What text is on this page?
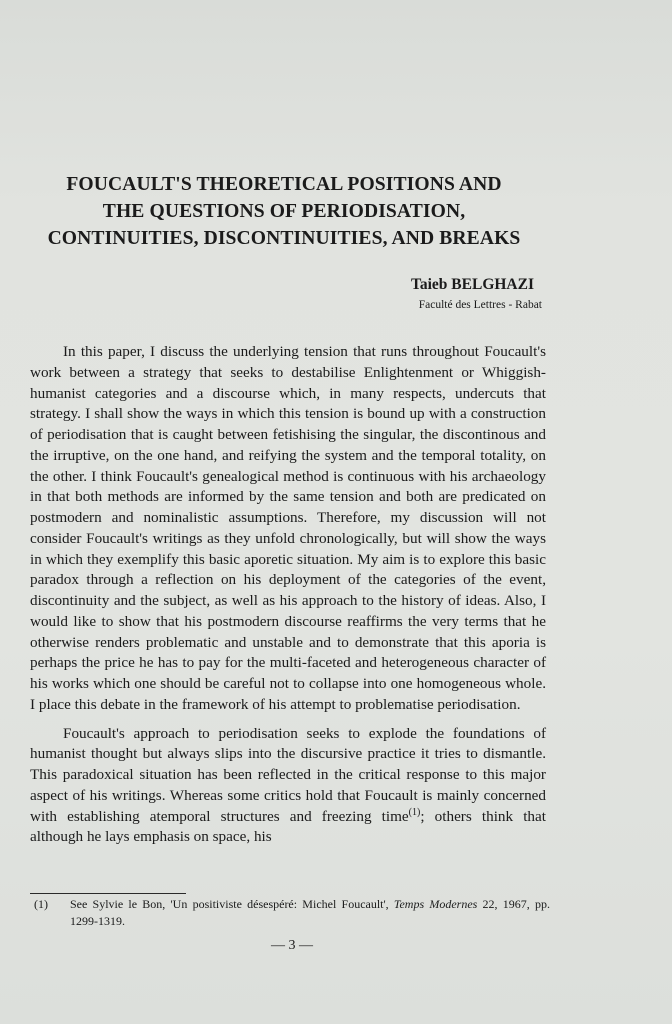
FOUCAULT'S THEORETICAL POSITIONS AND
THE QUESTIONS OF PERIODISATION,
CONTINUITIES, DISCONTINUITIES, AND BREAKS
Taieb BELGHAZI
Faculté des Lettres - Rabat

In this paper, I discuss the underlying tension that runs throughout Foucault's work between a strategy that seeks to destabilise Enlightenment or Whiggish-humanist categories and a discourse which, in many respects, undercuts that strategy. I shall show the ways in which this tension is bound up with a construction of periodisation that is caught between fetishising the singular, the discontinous and the irruptive, on the one hand, and reifying the system and the temporal totality, on the other. I think Foucault's genealogical method is continuous with his archaeology in that both methods are informed by the same tension and both are predicated on postmodern and nominalistic assumptions. Therefore, my discussion will not consider Foucault's writings as they unfold chronologically, but will show the ways in which they exemplify this basic aporetic situation. My aim is to explore this basic paradox through a reflection on his deployment of the categories of the event, discontinuity and the subject, as well as his approach to the history of ideas. Also, I would like to show that his postmodern discourse reaffirms the very terms that he otherwise renders problematic and unstable and to demonstrate that this aporia is perhaps the price he has to pay for the multi-faceted and heterogeneous character of his works which one should be careful not to collapse into one homogeneous whole. I place this debate in the framework of his attempt to problematise periodisation.

Foucault's approach to periodisation seeks to explode the foundations of humanist thought but always slips into the discursive practice it tries to dismantle. This paradoxical situation has been reflected in the critical response to this major aspect of his writings. Whereas some critics hold that Foucault is mainly concerned with establishing atemporal structures and freezing time$^{(1)}$; others think that although he lays emphasis on space, his

(1) See Sylvie le Bon, 'Un positiviste désespéré: Michel Foucault', Temps Modernes 22, 1967, pp. 1299-1319.
— 3 —
